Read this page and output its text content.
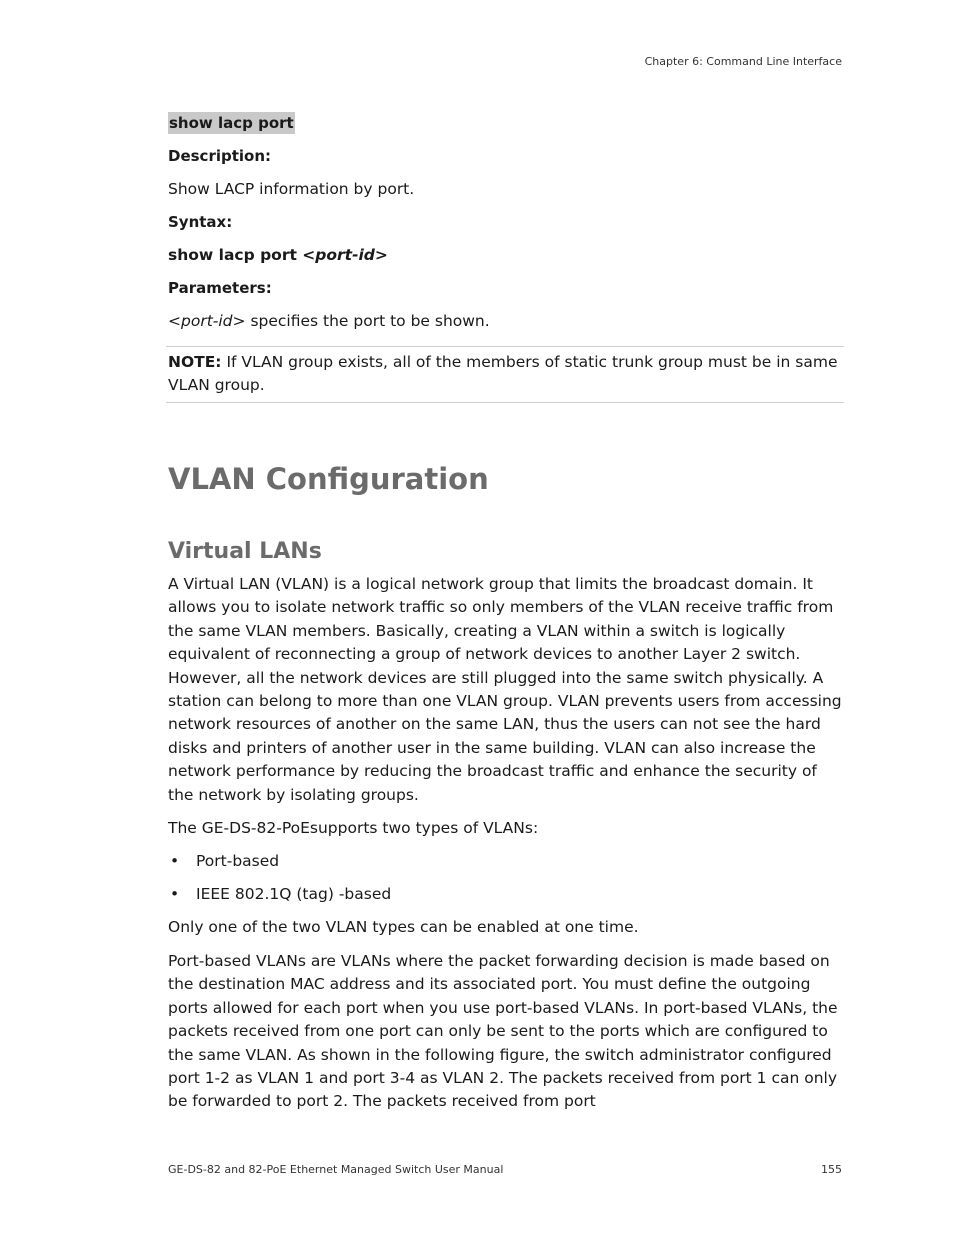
Chapter 6: Command Line Interface
show lacp port

Description:

Show LACP information by port.

Syntax:

show lacp port <port-id>

Parameters:

<port-id> specifies the port to be shown.

NOTE: If VLAN group exists, all of the members of static trunk group must be in same VLAN group.
VLAN Configuration
Virtual LANs

A Virtual LAN (VLAN) is a logical network group that limits the broadcast domain. It allows you to isolate network traffic so only members of the VLAN receive traffic from the same VLAN members. Basically, creating a VLAN within a switch is logically equivalent of reconnecting a group of network devices to another Layer 2 switch. However, all the network devices are still plugged into the same switch physically. A station can belong to more than one VLAN group. VLAN prevents users from accessing network resources of another on the same LAN, thus the users can not see the hard disks and printers of another user in the same building. VLAN can also increase the network performance by reducing the broadcast traffic and enhance the security of the network by isolating groups.

The GE-DS-82-PoEsupports two types of VLANs:

• Port-based
• IEEE 802.1Q (tag) -based

Only one of the two VLAN types can be enabled at one time.

Port-based VLANs are VLANs where the packet forwarding decision is made based on the destination MAC address and its associated port. You must define the outgoing ports allowed for each port when you use port-based VLANs. In port-based VLANs, the packets received from one port can only be sent to the ports which are configured to the same VLAN. As shown in the following figure, the switch administrator configured port 1-2 as VLAN 1 and port 3-4 as VLAN 2. The packets received from port 1 can only be forwarded to port 2. The packets received from port

GE-DS-82 and 82-PoE Ethernet Managed Switch User Manual	155
